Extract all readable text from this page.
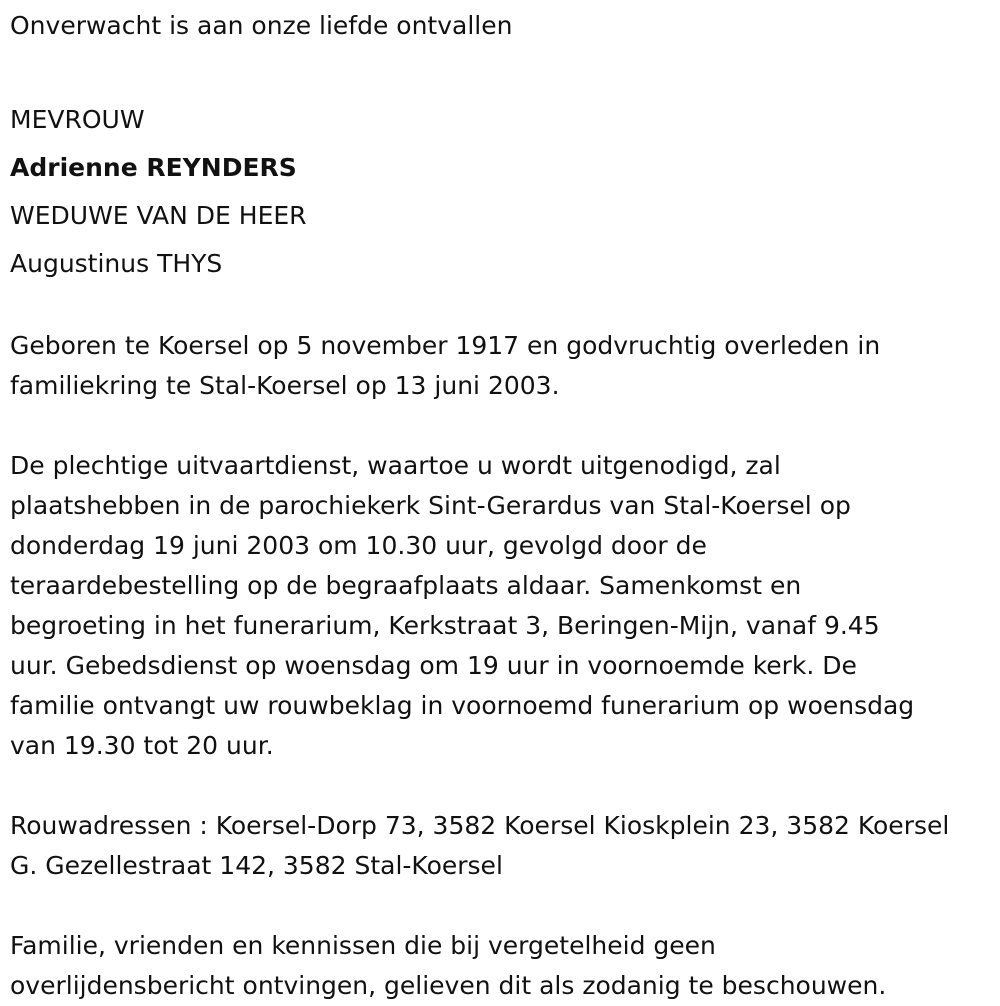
Onverwacht is aan onze liefde ontvallen

MEVROUW

Adrienne REYNDERS

WEDUWE VAN DE HEER

Augustinus THYS

Geboren te Koersel op 5 november 1917 en godvruchtig overleden in

familiekring te Stal-Koersel op 13 juni 2003.

De plechtige uitvaartdienst, waartoe u wordt uitgenodigd, zal

plaatshebben in de parochiekerk Sint-Gerardus van Stal-Koersel op

donderdag 19 juni 2003 om 10.30 uur, gevolgd door de

teraardebestelling op de begraafplaats aldaar. Samenkomst en

begroeting in het funerarium, Kerkstraat 3, Beringen-Mijn, vanaf 9.45

uur. Gebedsdienst op woensdag om 19 uur in voornoemde kerk. De

familie ontvangt uw rouwbeklag in voornoemd funerarium op woensdag

van 19.30 tot 20 uur.

Rouwadressen : Koersel-Dorp 73, 3582 Koersel Kioskplein 23, 3582 Koersel

G. Gezellestraat 142, 3582 Stal-Koersel

Familie, vrienden en kennissen die bij vergetelheid geen

overlijdensbericht ontvingen, gelieven dit als zodanig te beschouwen.
